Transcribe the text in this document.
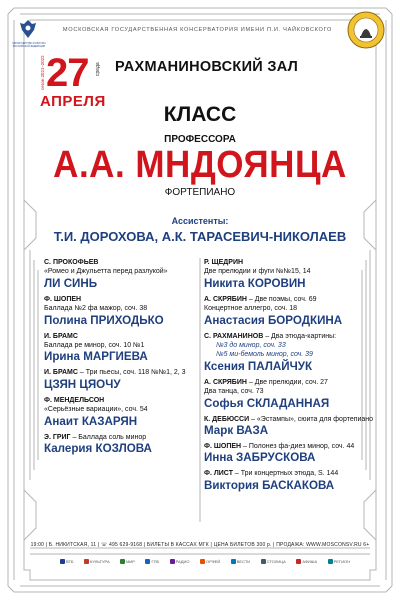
МИНИСТЕРСТВО КУЛЬТУРЫ РОССИЙСКОЙ ФЕДЕРАЦИИ
МОСКОВСКАЯ ГОСУДАРСТВЕННАЯ КОНСЕРВАТОРИЯ ИМЕНИ П.И. ЧАЙКОВСКОГО
27 среда
АПРЕЛЯ
сезон 2021–2022	РАХМАНИНОВСКИЙ ЗАЛ
КЛАСС
ПРОФЕССОРА
А.А. МНДОЯНЦА
ФОРТЕПИАНО
Ассистенты:
Т.И. ДОРОХОВА, А.К. ТАРАСЕВИЧ-НИКОЛАЕВ
С. ПРОКОФЬЕВ
«Ромео и Джульетта перед разлукой»
ЛИ СИНЬ
Ф. ШОПЕН
Баллада №2 фа мажор, соч. 38
Полина ПРИХОДЬКО
И. БРАМС
Баллада ре минор, соч. 10 №1
Ирина МАРГИЕВА
И. БРАМС – Три пьесы, соч. 118 №№1, 2, 3
ЦЗЯН ЦЯОЧУ
Ф. МЕНДЕЛЬСОН
«Серьёзные вариации», соч. 54
Анаит КАЗАРЯН
Э. ГРИГ – Баллада соль минор
Калерия КОЗЛОВА
Р. ЩЕДРИН
Две прелюдии и фуги №№15, 14
Никита КОРОВИН
А. СКРЯБИН – Две поэмы, соч. 69
Концертное аллегро, соч. 18
Анастасия БОРОДКИНА
С. РАХМАНИНОВ – Два этюда-картины:
№3 до минор, соч. 33
№5 ми-бемоль минор, соч. 39
Ксения ПАЛАЙЧУК
А. СКРЯБИН – Две прелюдии, соч. 27
Два танца, соч. 73
Софья СКЛАДАННАЯ
К. ДЕБЮССИ – «Эстампы», сюита для фортепиано
Марк ВАЗА
Ф. ШОПЕН – Полонез фа-диез минор, соч. 44
Инна ЗАБРУСКОВА
Ф. ЛИСТ – Три концертных этюда, S. 144
Виктория БАСКАКОВА
19:00 | Б. НИКИТСКАЯ, 11 | ☏ 495 629-9168 | БИЛЕТЫ В КАССАХ МГК | ЦЕНА БИЛЕТОВ 300 р. | ПРОДАЖА: WWW.MOSCONSV.RU 6+
ВТБ	КУЛЬТУРА	МИР	ГПБ	РАДИО	ОРФЕЙ	ВЕСТИ	СТОЛИЦА	АФИША	РЕГИОН
